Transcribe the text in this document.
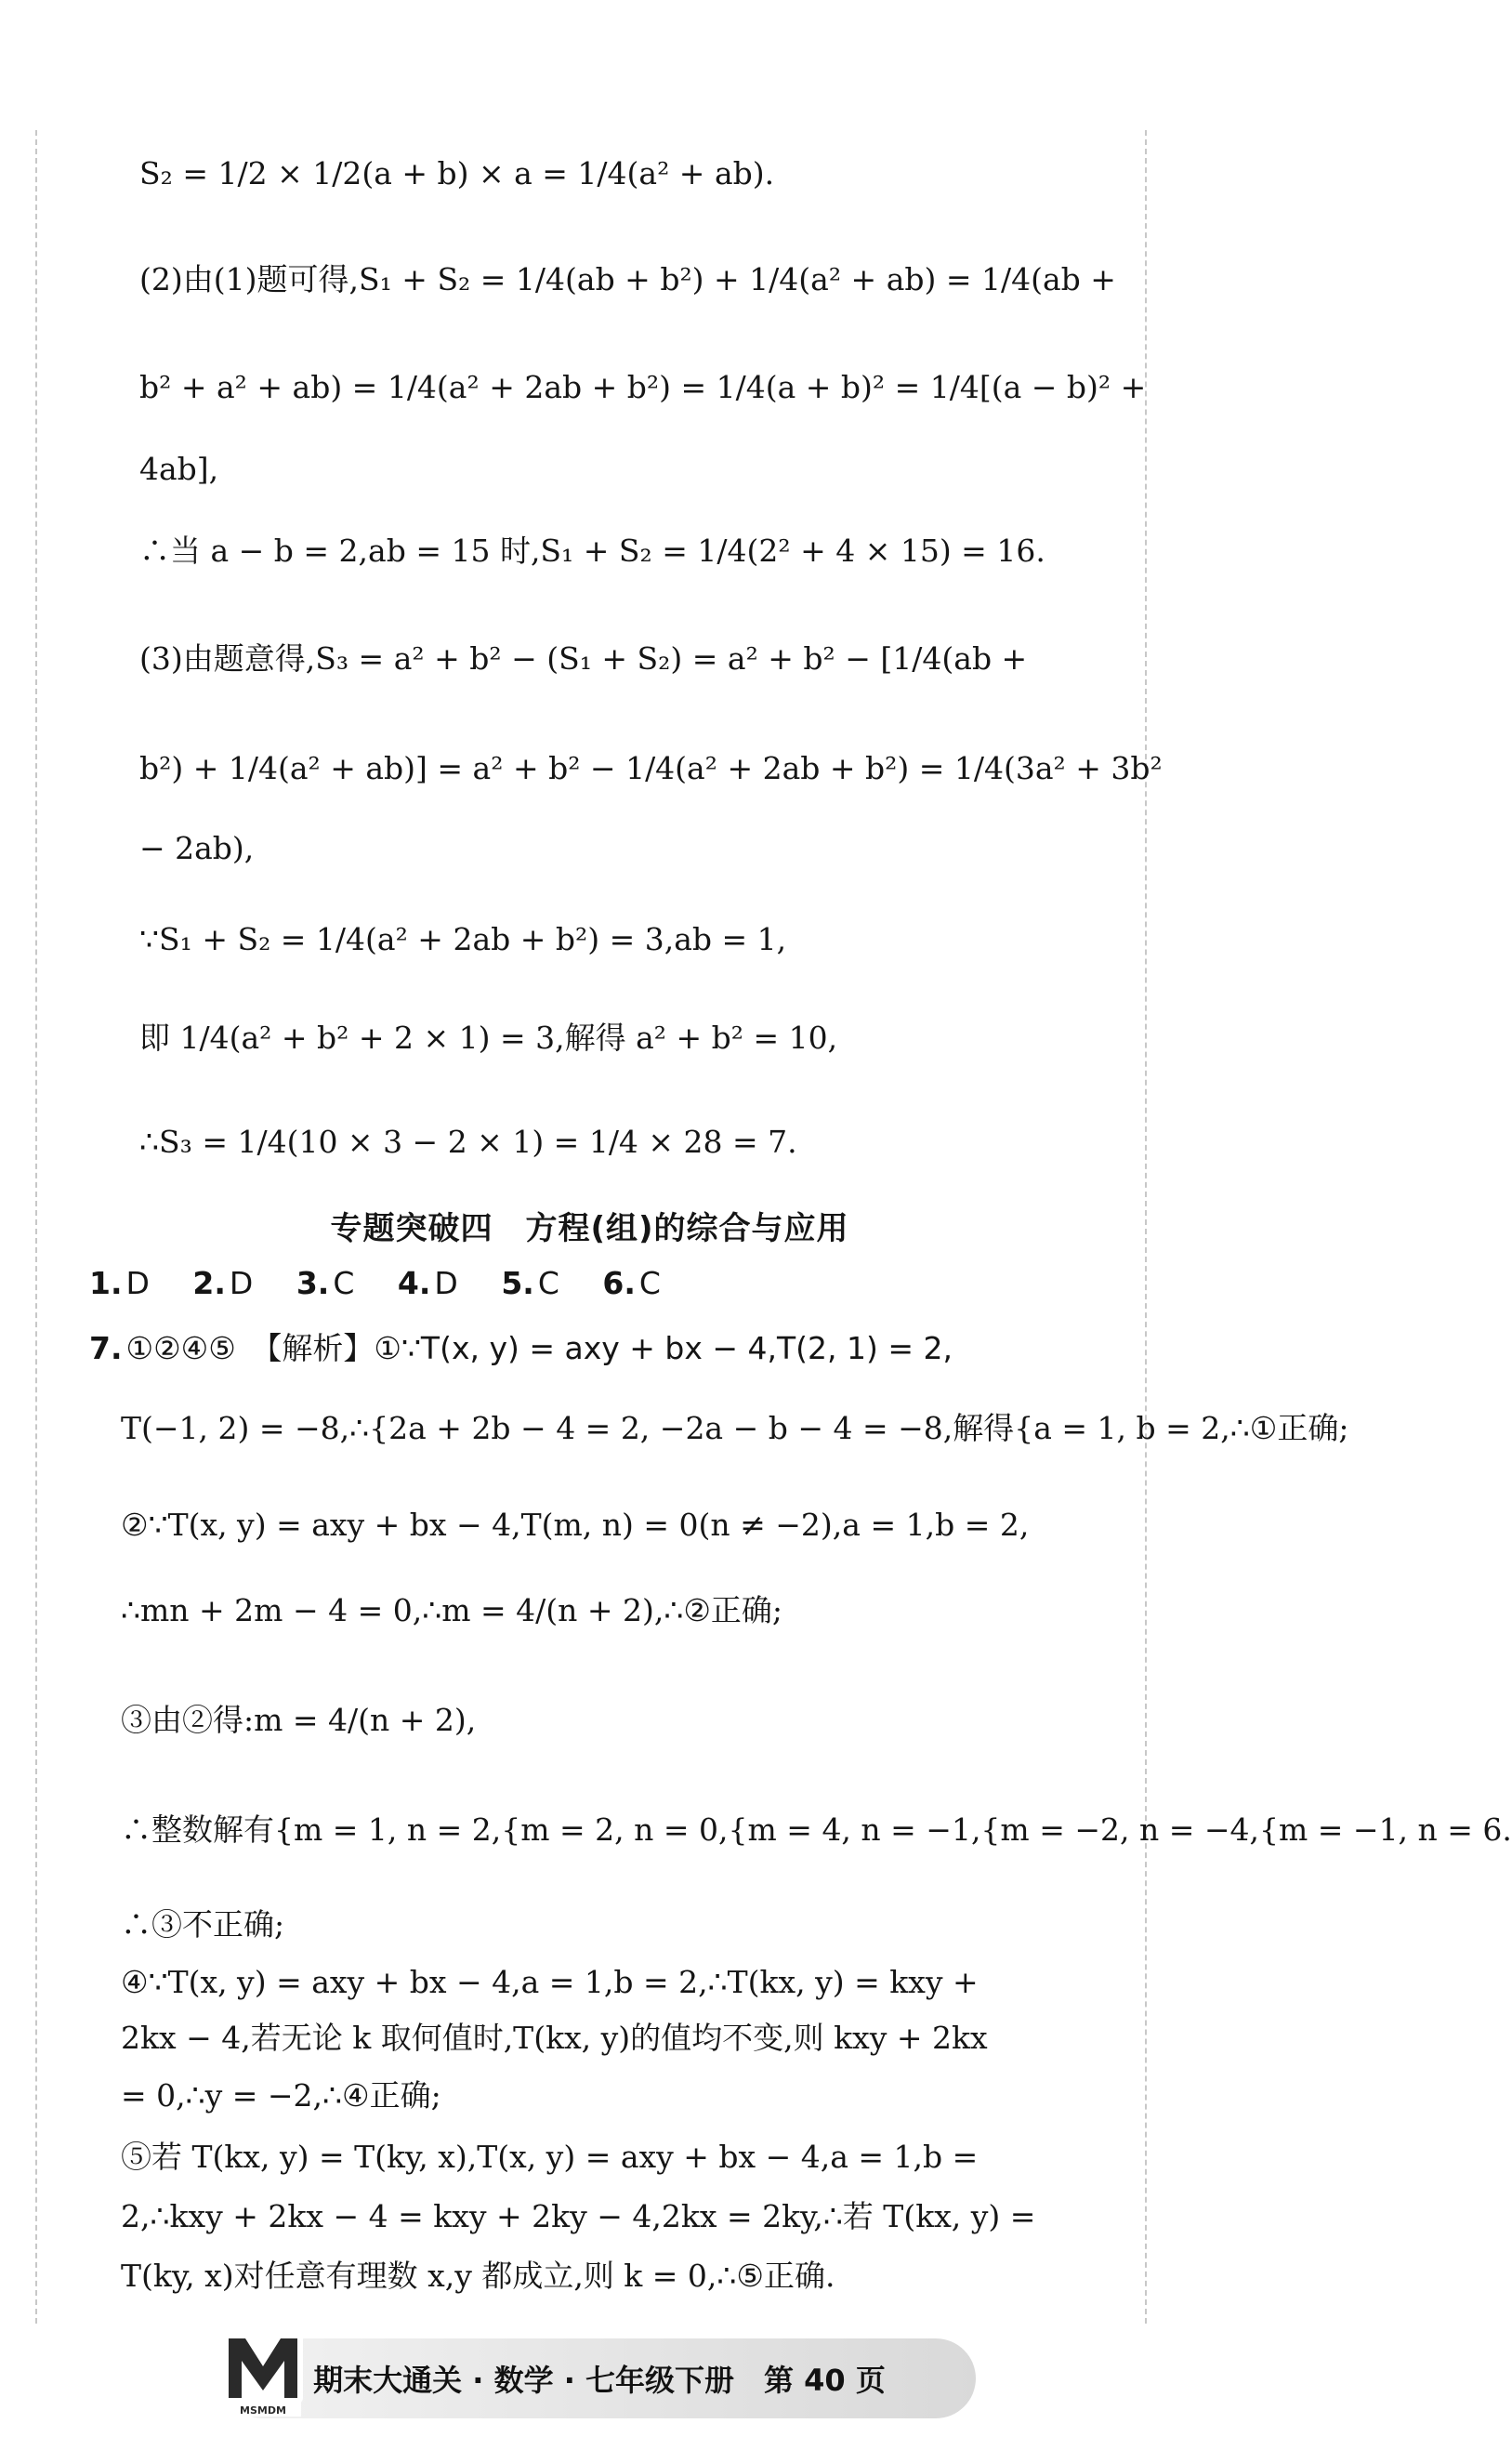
S₂ = 1/2 × 1/2(a + b) × a = 1/4(a² + ab).
(2)由(1)题可得,S₁ + S₂ = 1/4(ab + b²) + 1/4(a² + ab) = 1/4(ab +
b² + a² + ab) = 1/4(a² + 2ab + b²) = 1/4(a + b)² = 1/4[(a − b)² +
4ab],
∴当 a − b = 2,ab = 15 时,S₁ + S₂ = 1/4(2² + 4 × 15) = 16.
(3)由题意得,S₃ = a² + b² − (S₁ + S₂) = a² + b² − [1/4(ab +
b²) + 1/4(a² + ab)] = a² + b² − 1/4(a² + 2ab + b²) = 1/4(3a² + 3b²
− 2ab),
∵S₁ + S₂ = 1/4(a² + 2ab + b²) = 3,ab = 1,
即 1/4(a² + b² + 2 × 1) = 3,解得 a² + b² = 10,
∴S₃ = 1/4(10 × 3 − 2 × 1) = 1/4 × 28 = 7.
专题突破四　方程(组)的综合与应用
1. D 2. D 3. C 4. D 5. C 6. C
7. ①②④⑤　【解析】①∵T(x, y) = axy + bx − 4,T(2, 1) = 2,
T(−1, 2) = −8,∴{2a + 2b − 4 = 2, −2a − b − 4 = −8,解得{a = 1, b = 2,∴①正确;
②∵T(x, y) = axy + bx − 4,T(m, n) = 0(n ≠ −2),a = 1,b = 2,
∴mn + 2m − 4 = 0,∴m = 4/(n + 2),∴②正确;
③由②得:m = 4/(n + 2),
∴整数解有{m = 1, n = 2,{m = 2, n = 0,{m = 4, n = −1,{m = −2, n = −4,{m = −1, n = 6.
∴③不正确;
④∵T(x, y) = axy + bx − 4,a = 1,b = 2,∴T(kx, y) = kxy +
2kx − 4,若无论 k 取何值时,T(kx, y)的值均不变,则 kxy + 2kx
= 0,∴y = −2,∴④正确;
⑤若 T(kx, y) = T(ky, x),T(x, y) = axy + bx − 4,a = 1,b =
2,∴kxy + 2kx − 4 = kxy + 2ky − 4,2kx = 2ky,∴若 T(kx, y) =
T(ky, x)对任意有理数 x,y 都成立,则 k = 0,∴⑤正确.
期末大通关 · 数学 · 七年级下册　第 40 页
MSMDM
